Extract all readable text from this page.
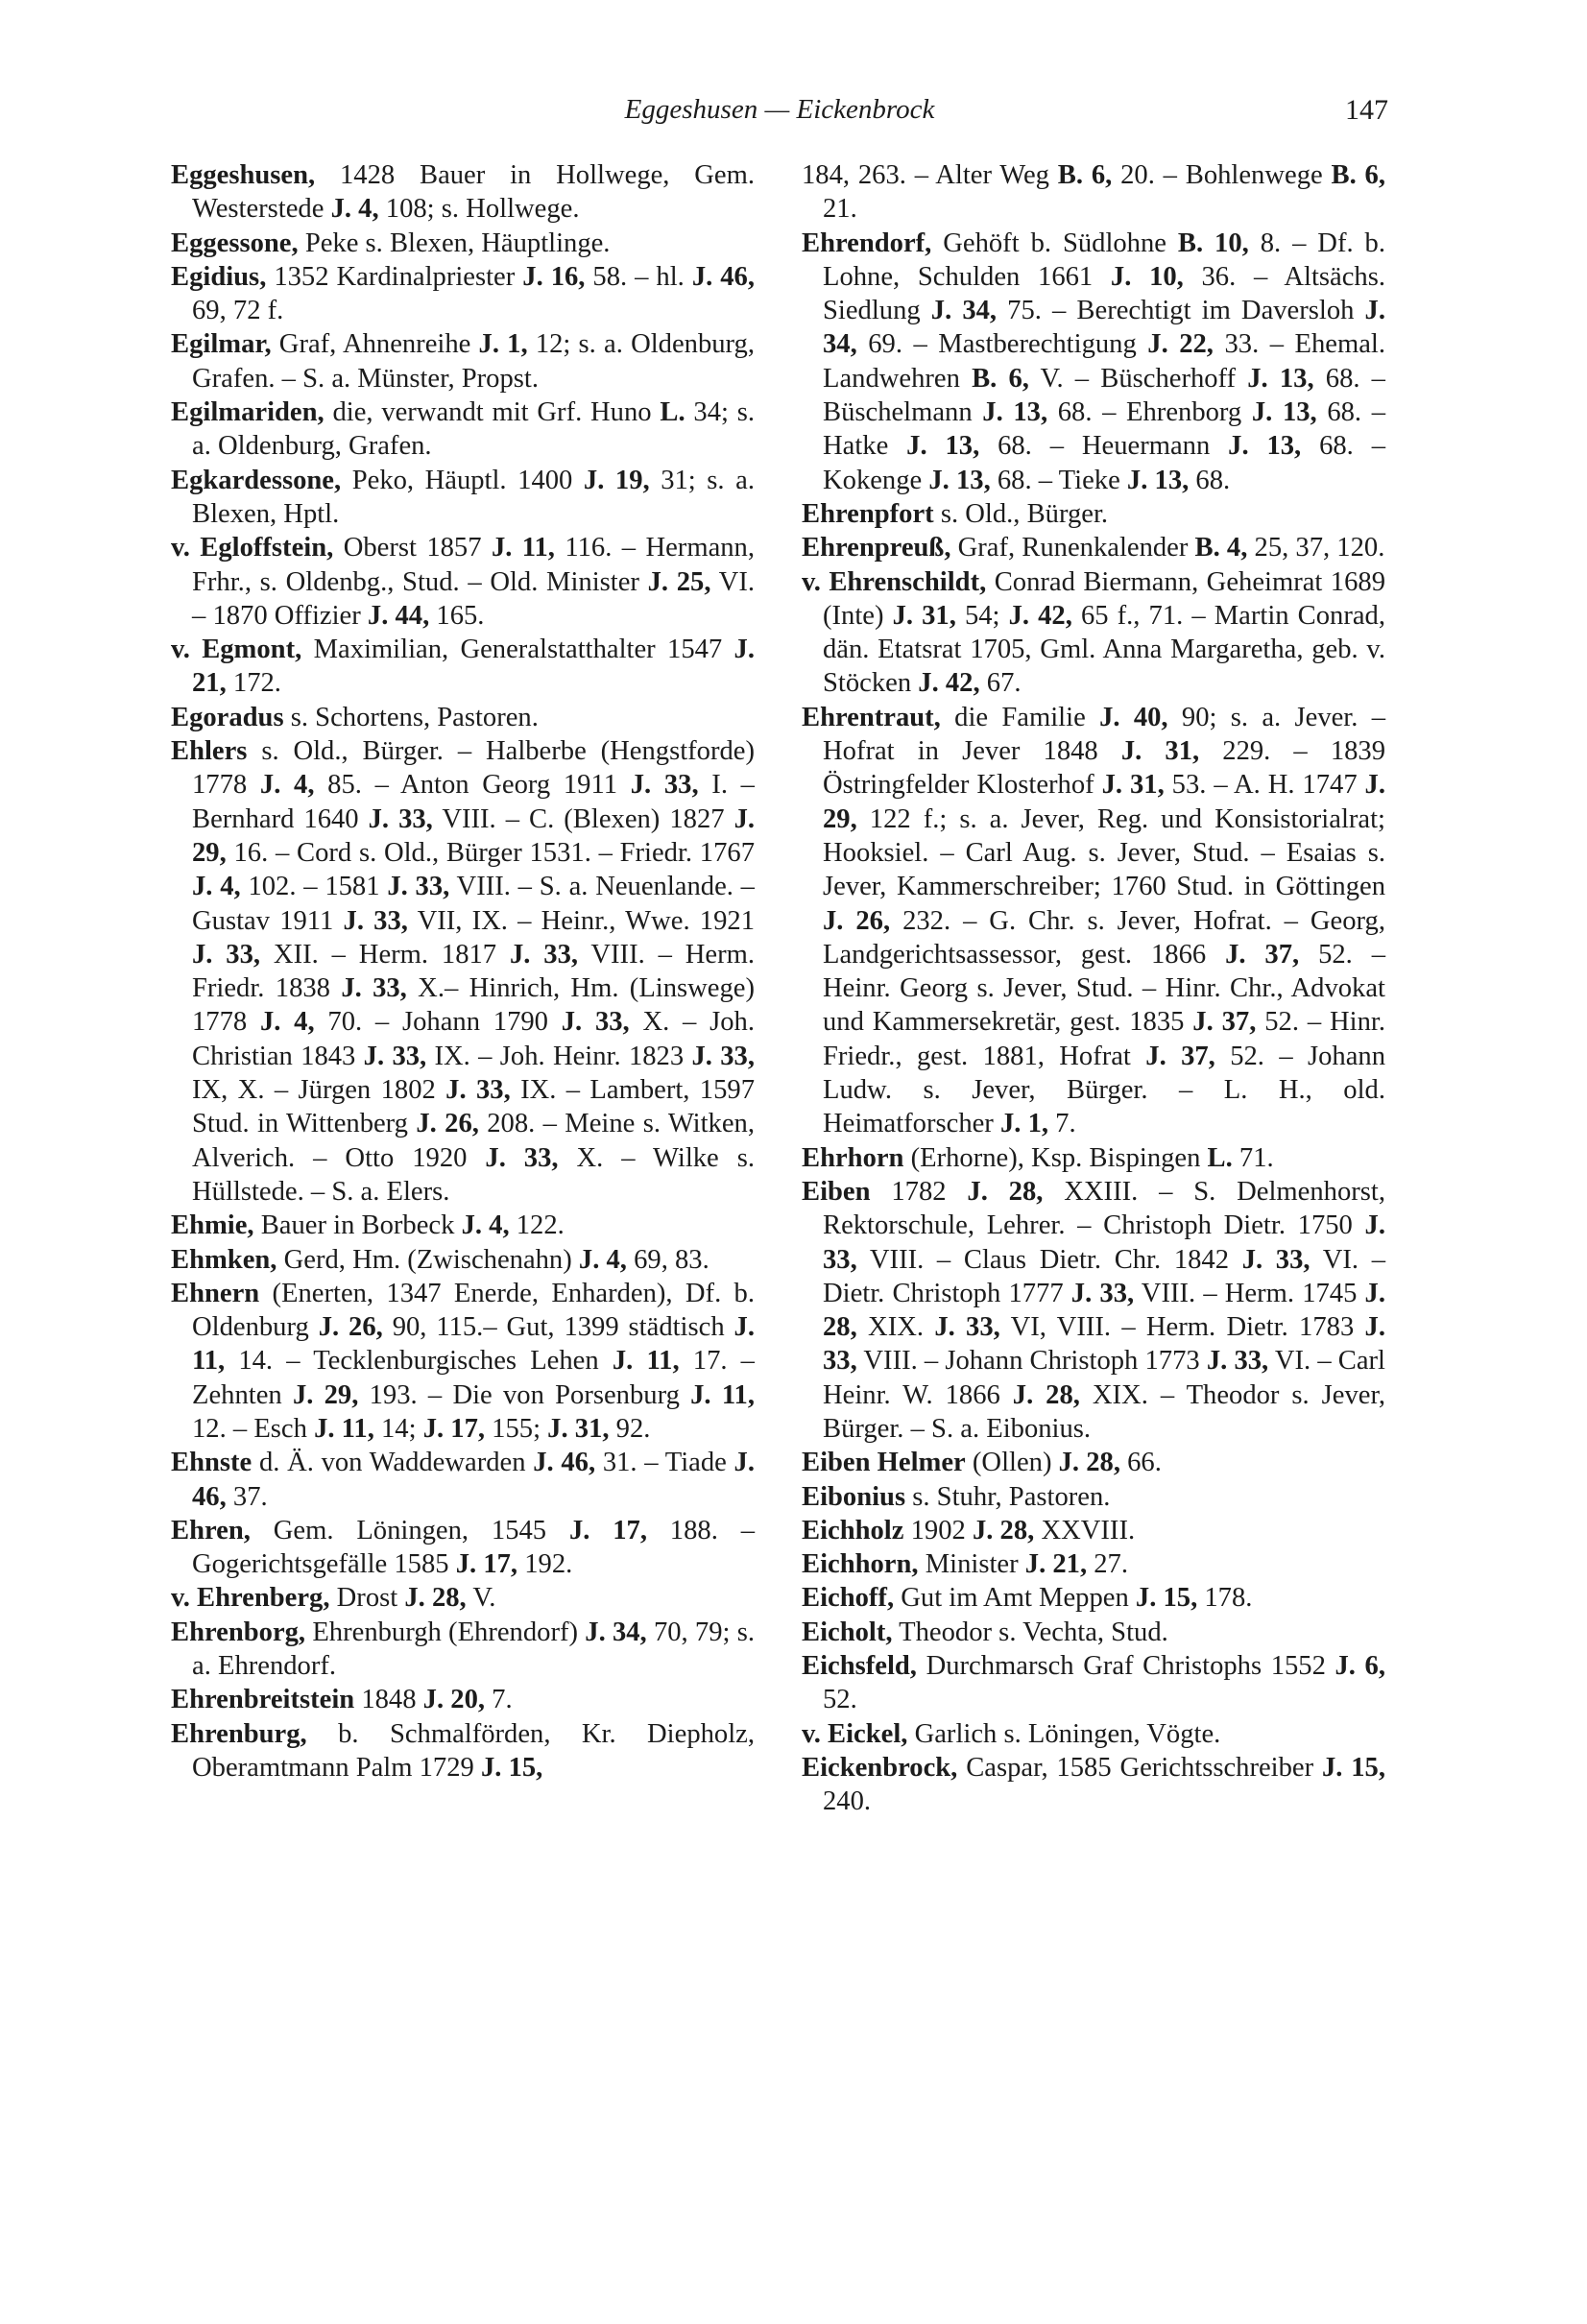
Eggeshusen — Eickenbrock	147
Eggeshusen, 1428 Bauer in Hollwege, Gem. Westerstede J. 4, 108; s. Hollwege.
Eggessone, Peke s. Blexen, Häuptlinge.
Egidius, 1352 Kardinalpriester J. 16, 58. – hl. J. 46, 69, 72 f.
Egilmar, Graf, Ahnenreihe J. 1, 12; s. a. Oldenburg, Grafen. – S. a. Münster, Propst.
Egilmariden, die, verwandt mit Grf. Huno L. 34; s. a. Oldenburg, Grafen.
Egkardessone, Peko, Häuptl. 1400 J. 19, 31; s. a. Blexen, Hptl.
v. Egloffstein, Oberst 1857 J. 11, 116. – Hermann, Frhr., s. Oldenbg., Stud. – Old. Minister J. 25, VI. – 1870 Offizier J. 44, 165.
v. Egmont, Maximilian, Generalstatthalter 1547 J. 21, 172.
Egoradus s. Schortens, Pastoren.
Ehlers s. Old., Bürger. – Halberbe (Hengstforde) 1778 J. 4, 85. – Anton Georg 1911 J. 33, I. – Bernhard 1640 J. 33, VIII. – C. (Blexen) 1827 J. 29, 16. – Cord s. Old., Bürger 1531. – Friedr. 1767 J. 4, 102. – 1581 J. 33, VIII. – S. a. Neuenlande. – Gustav 1911 J. 33, VII, IX. – Heinr., Wwe. 1921 J. 33, XII. – Herm. 1817 J. 33, VIII. – Herm. Friedr. 1838 J. 33, X.– Hinrich, Hm. (Linswege) 1778 J. 4, 70. – Johann 1790 J. 33, X. – Joh. Christian 1843 J. 33, IX. – Joh. Heinr. 1823 J. 33, IX, X. – Jürgen 1802 J. 33, IX. – Lambert, 1597 Stud. in Wittenberg J. 26, 208. – Meine s. Witken, Alverich. – Otto 1920 J. 33, X. – Wilke s. Hüllstede. – S. a. Elers.
Ehmie, Bauer in Borbeck J. 4, 122.
Ehmken, Gerd, Hm. (Zwischenahn) J. 4, 69, 83.
Ehnern (Enerten, 1347 Enerde, Enharden), Df. b. Oldenburg J. 26, 90, 115.– Gut, 1399 städtisch J. 11, 14. – Tecklenburgisches Lehen J. 11, 17. – Zehnten J. 29, 193. – Die von Porsenburg J. 11, 12. – Esch J. 11, 14; J. 17, 155; J. 31, 92.
Ehnste d. Ä. von Waddewarden J. 46, 31. – Tiade J. 46, 37.
Ehren, Gem. Löningen, 1545 J. 17, 188. – Gogerichtsgefälle 1585 J. 17, 192.
v. Ehrenberg, Drost J. 28, V.
Ehrenborg, Ehrenburgh (Ehrendorf) J. 34, 70, 79; s. a. Ehrendorf.
Ehrenbreitstein 1848 J. 20, 7.
Ehrenburg, b. Schmalförden, Kr. Diepholz, Oberamtmann Palm 1729 J. 15,
184, 263. – Alter Weg B. 6, 20. – Bohlenwege B. 6, 21.
Ehrendorf, Gehöft b. Südlohne B. 10, 8. – Df. b. Lohne, Schulden 1661 J. 10, 36. – Altsächs. Siedlung J. 34, 75. – Berechtigt im Daversloh J. 34, 69. – Mastberechtigung J. 22, 33. – Ehemal. Landwehren B. 6, V. – Büscherhoff J. 13, 68. – Büschelmann J. 13, 68. – Ehrenborg J. 13, 68. – Hatke J. 13, 68. – Heuermann J. 13, 68. – Kokenge J. 13, 68. – Tieke J. 13, 68.
Ehrenpfort s. Old., Bürger.
Ehrenpreuß, Graf, Runenkalender B. 4, 25, 37, 120.
v. Ehrenschildt, Conrad Biermann, Geheimrat 1689 (Inte) J. 31, 54; J. 42, 65 f., 71. – Martin Conrad, dän. Etatsrat 1705, Gml. Anna Margaretha, geb. v. Stöcken J. 42, 67.
Ehrentraut, die Familie J. 40, 90; s. a. Jever. – Hofrat in Jever 1848 J. 31, 229. – 1839 Östringfelder Klosterhof J. 31, 53. – A. H. 1747 J. 29, 122 f.; s. a. Jever, Reg. und Konsistorialrat; Hooksiel. – Carl Aug. s. Jever, Stud. – Esaias s. Jever, Kammerschreiber; 1760 Stud. in Göttingen J. 26, 232. – G. Chr. s. Jever, Hofrat. – Georg, Landgerichtsassessor, gest. 1866 J. 37, 52. – Heinr. Georg s. Jever, Stud. – Hinr. Chr., Advokat und Kammersekretär, gest. 1835 J. 37, 52. – Hinr. Friedr., gest. 1881, Hofrat J. 37, 52. – Johann Ludw. s. Jever, Bürger. – L. H., old. Heimatforscher J. 1, 7.
Ehrhorn (Erhorne), Ksp. Bispingen L. 71.
Eiben 1782 J. 28, XXIII. – S. Delmenhorst, Rektorschule, Lehrer. – Christoph Dietr. 1750 J. 33, VIII. – Claus Dietr. Chr. 1842 J. 33, VI. – Dietr. Christoph 1777 J. 33, VIII. – Herm. 1745 J. 28, XIX. J. 33, VI, VIII. – Herm. Dietr. 1783 J. 33, VIII. – Johann Christoph 1773 J. 33, VI. – Carl Heinr. W. 1866 J. 28, XIX. – Theodor s. Jever, Bürger. – S. a. Eibonius.
Eiben Helmer (Ollen) J. 28, 66.
Eibonius s. Stuhr, Pastoren.
Eichholz 1902 J. 28, XXVIII.
Eichhorn, Minister J. 21, 27.
Eichoff, Gut im Amt Meppen J. 15, 178.
Eicholt, Theodor s. Vechta, Stud.
Eichsfeld, Durchmarsch Graf Christophs 1552 J. 6, 52.
v. Eickel, Garlich s. Löningen, Vögte.
Eickenbrock, Caspar, 1585 Gerichtsschreiber J. 15, 240.
